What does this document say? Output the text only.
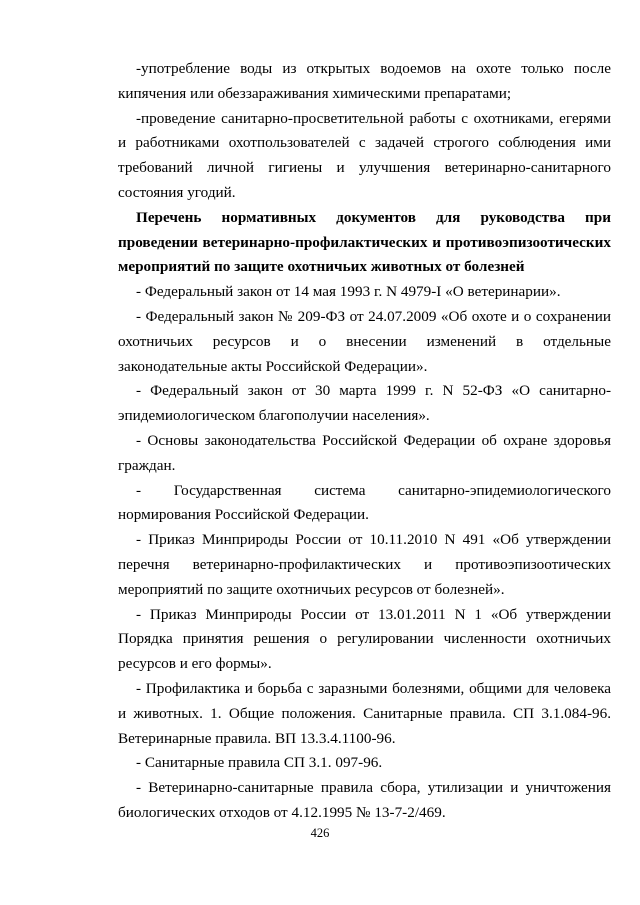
-употребление воды из открытых водоемов на охоте только после кипячения или обеззараживания химическими препаратами;

-проведение санитарно-просветительной работы с охотниками, егерями и работниками охотпользователей с задачей строгого соблюдения ими требований личной гигиены и улучшения ветеринарно-санитарного состояния угодий.

Перечень нормативных документов для руководства при проведении ветеринарно-профилактических и противоэпизоотических мероприятий по защите охотничьих животных от болезней

- Федеральный закон от 14 мая 1993 г. N 4979-I «О ветеринарии».

- Федеральный закон № 209-ФЗ от 24.07.2009 «Об охоте и о сохранении охотничьих ресурсов и о внесении изменений в отдельные законодательные акты Российской Федерации».

- Федеральный закон от 30 марта 1999 г. N 52-ФЗ «О санитарно-эпидемиологическом благополучии населения».

- Основы законодательства Российской Федерации об охране здоровья граждан.

- Государственная система санитарно-эпидемиологического нормирования Российской Федерации.

- Приказ Минприроды России от 10.11.2010 N 491 «Об утверждении перечня ветеринарно-профилактических и противоэпизоотических мероприятий по защите охотничьих ресурсов от болезней».

- Приказ Минприроды России от 13.01.2011 N 1 «Об утверждении Порядка принятия решения о регулировании численности охотничьих ресурсов и его формы».

- Профилактика и борьба с заразными болезнями, общими для человека и животных. 1. Общие положения. Санитарные правила. СП 3.1.084-96. Ветеринарные правила. ВП 13.3.4.1100-96.

- Санитарные правила СП 3.1. 097-96.

- Ветеринарно-санитарные правила сбора, утилизации и уничтожения биологических отходов от 4.12.1995 № 13-7-2/469.

426
